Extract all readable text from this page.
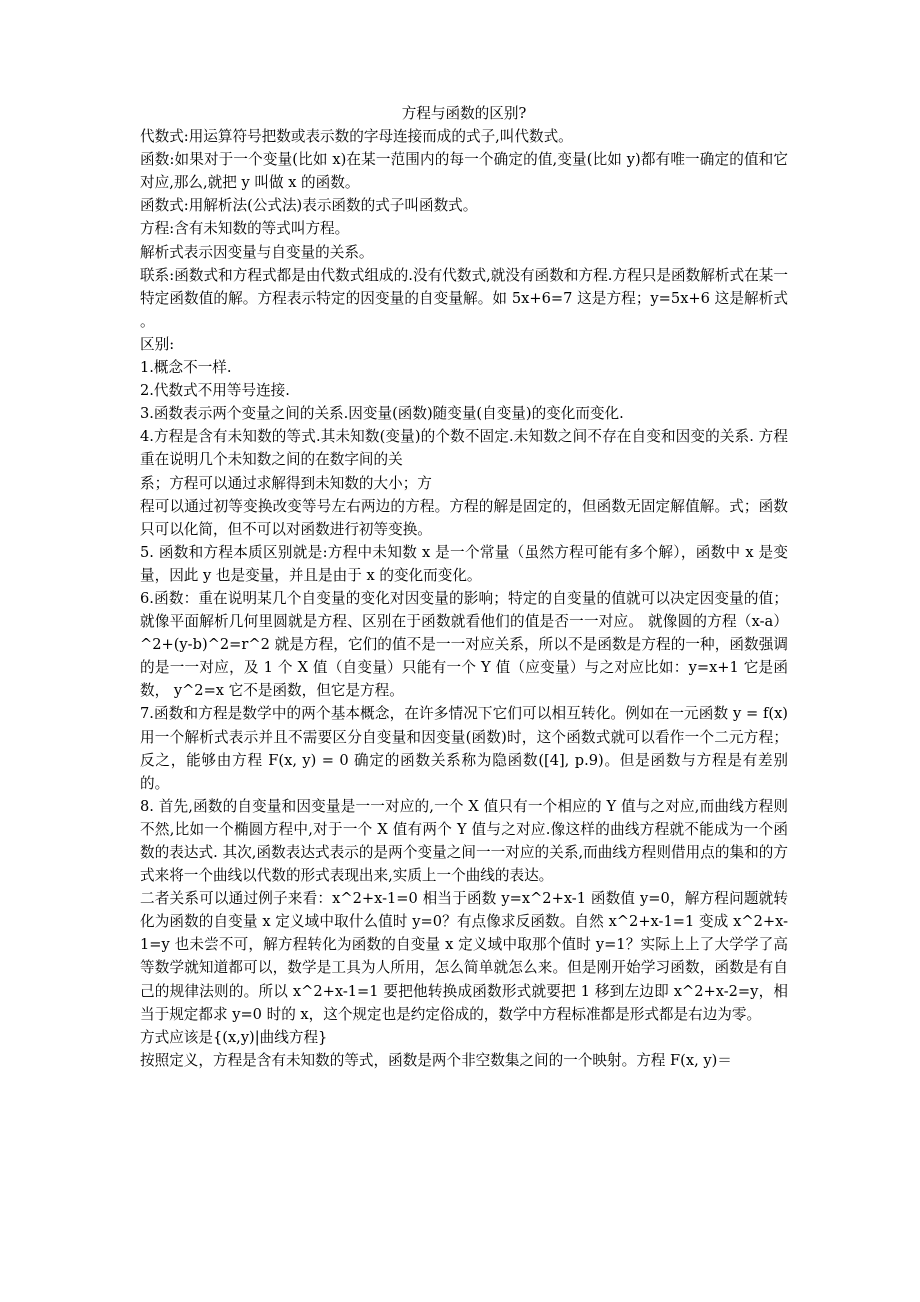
方程与函数的区别?

代数式:用运算符号把数或表示数的字母连接而成的式子,叫代数式。

函数:如果对于一个变量(比如 x)在某一范围内的每一个确定的值,变量(比如 y)都有唯一确定的值和它对应,那么,就把 y 叫做 x 的函数。

函数式:用解析法(公式法)表示函数的式子叫函数式。

方程:含有未知数的等式叫方程。

解析式表示因变量与自变量的关系。

联系:函数式和方程式都是由代数式组成的.没有代数式,就没有函数和方程.方程只是函数解析式在某一特定函数值的解。方程表示特定的因变量的自变量解。如 5x+6=7 这是方程；y=5x+6 这是解析式 。

区别:

1.概念不一样.

2.代数式不用等号连接.

3.函数表示两个变量之间的关系.因变量(函数)随变量(自变量)的变化而变化.

4.方程是含有未知数的等式.其未知数(变量)的个数不固定.未知数之间不存在自变和因变的关系. 方程重在说明几个未知数之间的在数字间的关

系；方程可以通过求解得到未知数的大小；方

程可以通过初等变换改变等号左右两边的方程。方程的解是固定的，但函数无固定解值解。式；函数只可以化简，但不可以对函数进行初等变换。

5. 函数和方程本质区别就是:方程中未知数 x 是一个常量（虽然方程可能有多个解），函数中 x 是变量，因此 y 也是变量，并且是由于 x 的变化而变化。

6.函数：重在说明某几个自变量的变化对因变量的影响；特定的自变量的值就可以决定因变量的值；就像平面解析几何里圆就是方程、区别在于函数就看他们的值是否一一对应。 就像圆的方程（x-a）^2+(y-b)^2=r^2 就是方程，它们的值不是一一对应关系，所以不是函数是方程的一种，函数强调的是一一对应，及 1 个 X 值（自变量）只能有一个 Y 值（应变量）与之对应比如：y=x+1 它是函数， y^2=x 它不是函数，但它是方程。

7.函数和方程是数学中的两个基本概念，在许多情况下它们可以相互转化。例如在一元函数 y = f(x)用一个解析式表示并且不需要区分自变量和因变量(函数)时，这个函数式就可以看作一个二元方程；反之，能够由方程 F(x, y) = 0 确定的函数关系称为隐函数([4], p.9)。但是函数与方程是有差别的。

8. 首先,函数的自变量和因变量是一一对应的,一个 X 值只有一个相应的 Y 值与之对应,而曲线方程则不然,比如一个椭圆方程中,对于一个 X 值有两个 Y 值与之对应.像这样的曲线方程就不能成为一个函数的表达式. 其次,函数表达式表示的是两个变量之间一一对应的关系,而曲线方程则借用点的集和的方式来将一个曲线以代数的形式表现出来,实质上一个曲线的表达。

二者关系可以通过例子来看：x^2+x-1=0 相当于函数 y=x^2+x-1 函数值 y=0，解方程问题就转化为函数的自变量 x 定义域中取什么值时 y=0？有点像求反函数。自然 x^2+x-1=1 变成 x^2+x-1=y 也未尝不可，解方程转化为函数的自变量 x 定义域中取那个值时 y=1？实际上上了大学学了高等数学就知道都可以，数学是工具为人所用，怎么简单就怎么来。但是刚开始学习函数，函数是有自己的规律法则的。所以 x^2+x-1=1 要把他转换成函数形式就要把 1 移到左边即 x^2+x-2=y，相当于规定都求 y=0 时的 x，这个规定也是约定俗成的，数学中方程标准都是形式都是右边为零。

方式应该是{(x,y)|曲线方程}

按照定义，方程是含有未知数的等式，函数是两个非空数集之间的一个映射。方程 F(x, y)＝
